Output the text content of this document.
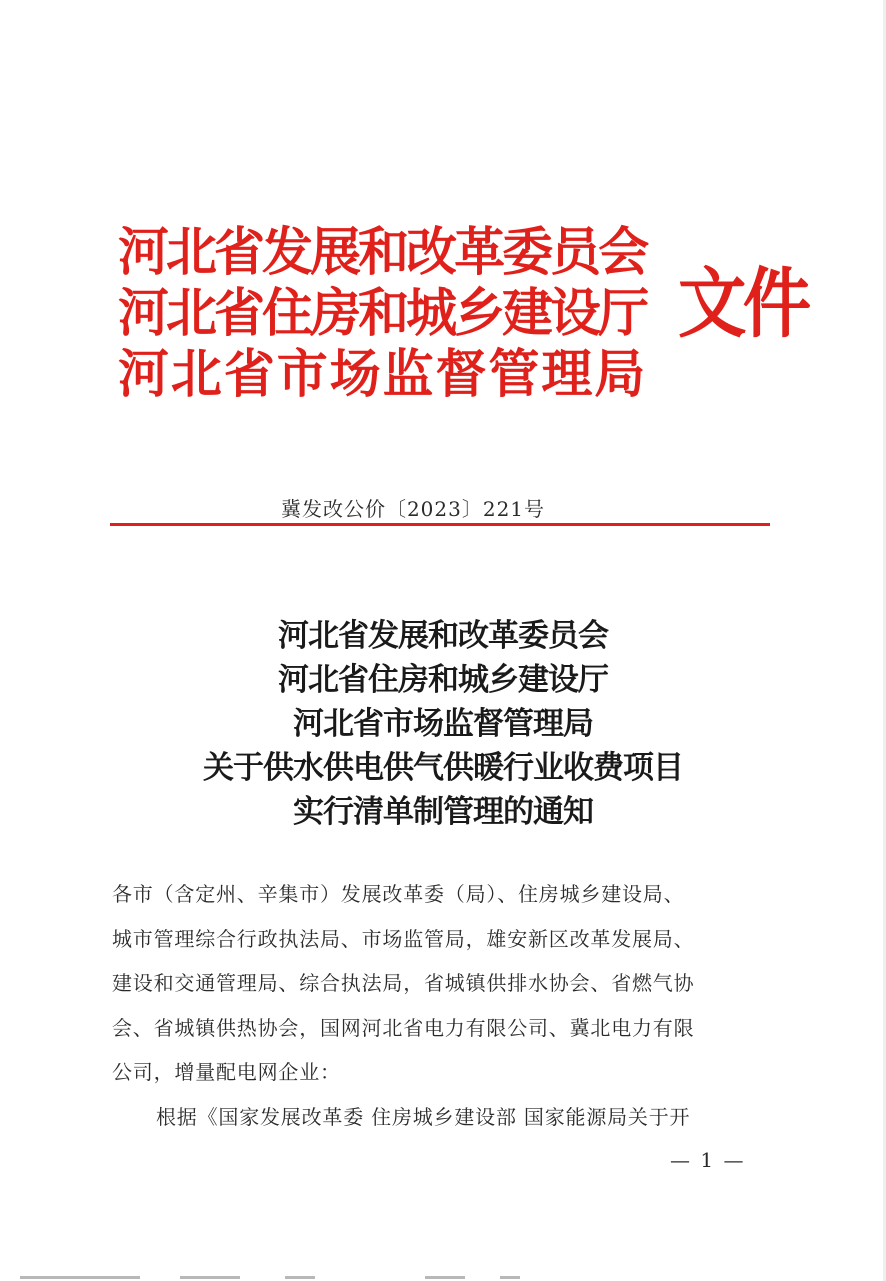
河北省发展和改革委员会
河北省住房和城乡建设厅
河北省市场监督管理局
文件
冀发改公价〔2023〕221号
河北省发展和改革委员会
河北省住房和城乡建设厅
河北省市场监督管理局
关于供水供电供气供暖行业收费项目
实行清单制管理的通知
各市（含定州、辛集市）发展改革委（局）、住房城乡建设局、
城市管理综合行政执法局、市场监管局，雄安新区改革发展局、
建设和交通管理局、综合执法局，省城镇供排水协会、省燃气协
会、省城镇供热协会，国网河北省电力有限公司、冀北电力有限
公司，增量配电网企业：
根据《国家发展改革委 住房城乡建设部 国家能源局关于开
— 1 —
